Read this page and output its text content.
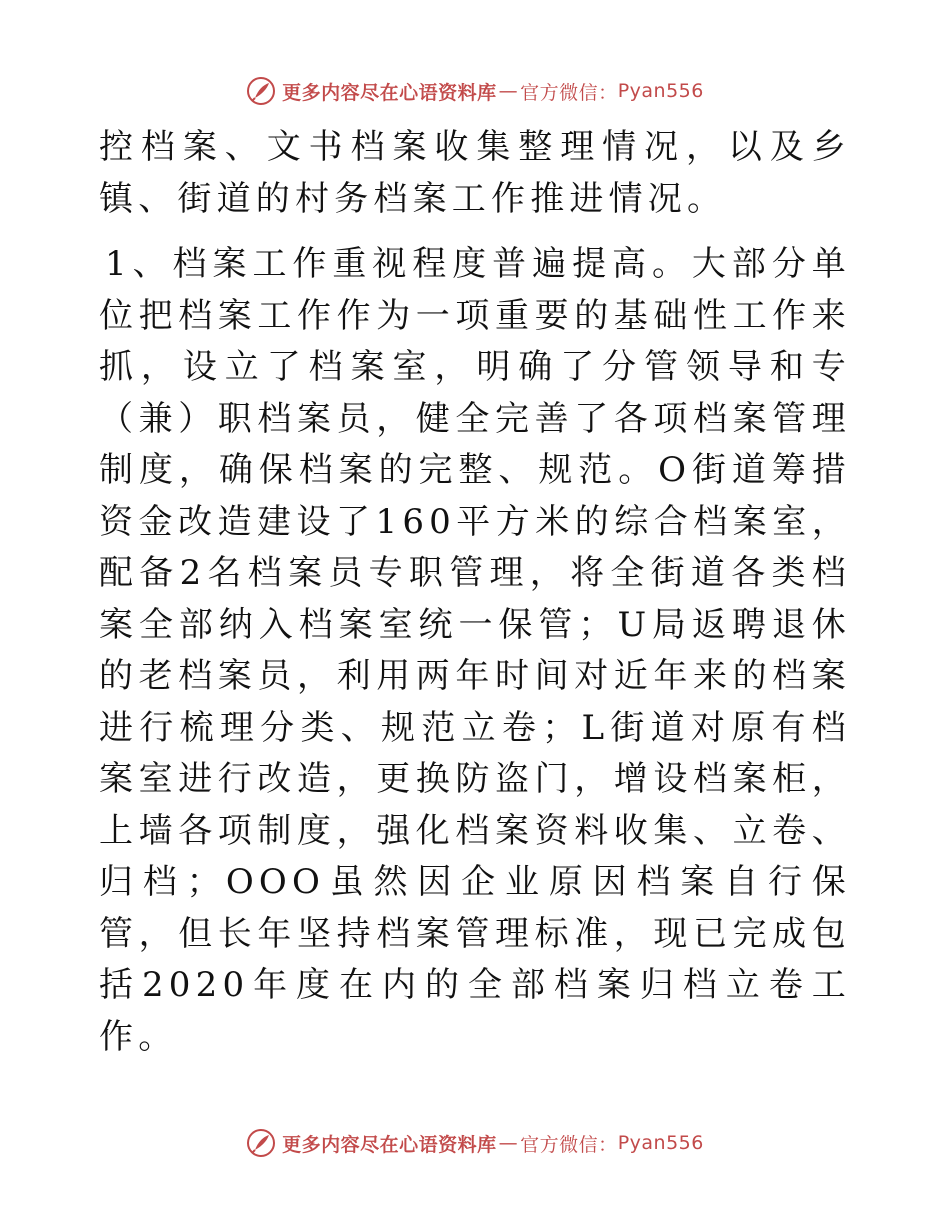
更多内容尽在心语资料库 — 官方微信： Pyan556

控档案、文书档案收集整理情况，以及乡镇、街道的村务档案工作推进情况。

1、档案工作重视程度普遍提高。大部分单位把档案工作作为一项重要的基础性工作来抓，设立了档案室，明确了分管领导和专（兼）职档案员，健全完善了各项档案管理制度，确保档案的完整、规范。O街道筹措资金改造建设了160平方米的综合档案室，配备2名档案员专职管理，将全街道各类档案全部纳入档案室统一保管；U局返聘退休的老档案员，利用两年时间对近年来的档案进行梳理分类、规范立卷；L街道对原有档案室进行改造，更换防盗门，增设档案柜，上墙各项制度，强化档案资料收集、立卷、归档；OOO虽然因企业原因档案自行保管，但长年坚持档案管理标准，现已完成包括2020年度在内的全部档案归档立卷工作。

更多内容尽在心语资料库 — 官方微信： Pyan556
